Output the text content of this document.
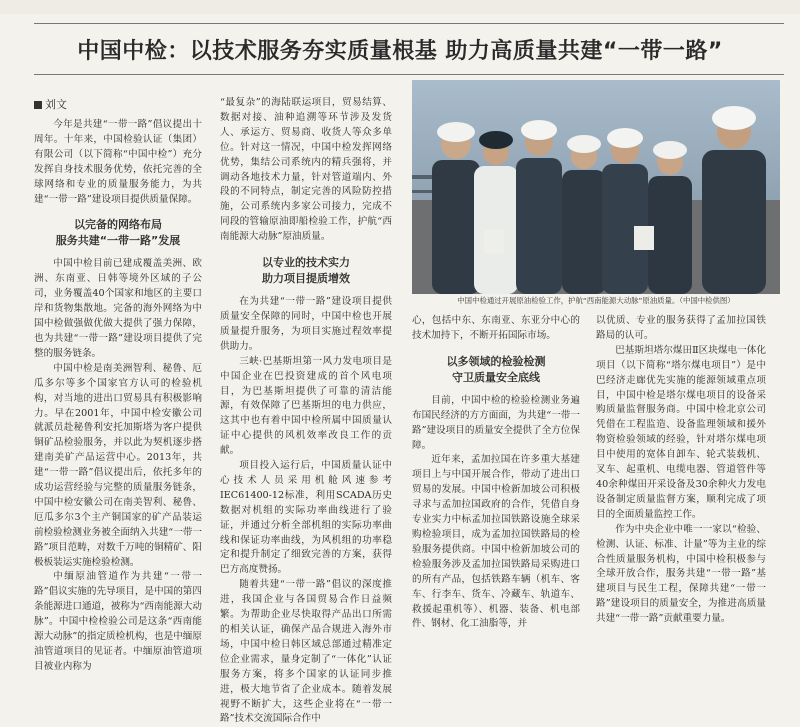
中国中检：以技术服务夯实质量根基 助力高质量共建“一带一路”
刘文

今年是共建“一带一路”倡议提出十周年。十年来，中国检验认证（集团）有限公司（以下简称“中国中检”）充分发挥自身技术服务优势，依托完善的全球网络和专业的质量服务能力，为共建“一带一路”建设项目提供质量保障。

以完备的网络布局
服务共建“一带一路”发展

中国中检目前已建成覆盖美洲、欧洲、东南亚、日韩等境外区域的子公司，业务覆盖40个国家和地区的主要口岸和货物集散地。完备的海外网络为中国中检做强做优做大提供了强力保障，也为共建“一带一路”建设项目提供了完整的服务链条。

中国中检是南美洲智利、秘鲁、厄瓜多尔等多个国家官方认可的检验机构，对当地的进出口贸易具有积极影响力。早在2001年，中国中检安徽公司就派员赴秘鲁利安托加斯塔为客户提供铜矿品检验服务，并以此为契机逐步搭建南美矿产品运营中心。2013年，共建“一带一路”倡议提出后，依托多年的成功运营经验与完整的质量服务链条，中国中检安徽公司在南美智利、秘鲁、厄瓜多尔3个主产铜国家的矿产品装运前检验检测业务被全面纳入共建“一带一路”项目范畴，对数千万吨的铜精矿、阳极板装运实施检验检测。

中缅原油管道作为共建“一带一路”倡议实施的先导项目，是中国的第四条能源进口通道，被称为“西南能源大动脉”。中国中检检验公司是这条“西南能源大动脉”的指定质检机构，也是中缅原油管道项目的见证者。中缅原油管道项目被业内称为

“最复杂”的海陆联运项目，贸易结算、数据对接、油种追溯等环节涉及发货人、承运方、贸易商、收货人等众多单位。针对这一情况，中国中检发挥网络优势，集结公司系统内的精兵强将，并调动各地技术力量，针对管道端内、外段的不同特点，制定完善的风险防控措施，公司系统内多家公司接力，完成不同段的管输原油即船检验工作，护航“西南能源大动脉”原油质量。

以专业的技术实力
助力项目提质增效

在为共建“一带一路”建设项目提供质量安全保障的同时，中国中检也开展质量提升服务，为项目实施过程效率提供助力。

三峡·巴基斯坦第一风力发电项目是中国企业在巴投资建成的首个风电项目，为巴基斯坦提供了可靠的清洁能源，有效保障了巴基斯坦的电力供应，这其中也有着中国中检所属中国质量认证中心提供的风机效率改良工作的贡献。

项目投入运行后，中国质量认证中心技术人员采用机舱风速参考IEC61400-12标准，利用SCADA历史数据对机组的实际功率曲线进行了验证，并通过分析全部机组的实际功率曲线和保证功率曲线，为风机组的功率稳定和提升制定了细致完善的方案，获得巴方高度赞扬。

随着共建“一带一路”倡议的深度推进，我国企业与各国贸易合作日益频繁。为帮助企业尽快取得产品出口所需的相关认证，确保产品合规进入海外市场，中国中检日韩区域总部通过精准定位企业需求，量身定制了“一体化”认证服务方案，将多个国家的认证同步推进，极大地节省了企业成本。随着发展视野不断扩大，这些企业将在“一带一路”技术交流国际合作中

中国中检通过开展原油检验工作，护航“西南能源大动脉”原油质量。（中国中检供图）

心，包括中东、东南亚、东亚分中心的技术加持下，不断开拓国际市场。

以多领域的检验检测
守卫质量安全底线

目前，中国中检的检验检测业务遍布国民经济的方方面面，为共建“一带一路”建设项目的质量安全提供了全方位保障。

近年来，孟加拉国在许多重大基建项目上与中国开展合作，带动了进出口贸易的发展。中国中检新加坡公司积极寻求与孟加拉国政府的合作，凭借自身专业实力中标孟加拉国铁路设施全球采购检验项目，成为孟加拉国铁路局的检验服务提供商。中国中检新加坡公司的检验服务涉及孟加拉国铁路局采购进口的所有产品，包括铁路车辆（机车、客车、行李车、货车、冷藏车、轨道车、救援起重机等）、机器、装备、机电部件、钢材、化工油脂等，并

以优质、专业的服务获得了孟加拉国铁路局的认可。

巴基斯坦塔尔煤田Ⅱ区块煤电一体化项目（以下简称“塔尔煤电项目”）是中巴经济走廊优先实施的能源领域重点项目，中国中检是塔尔煤电项目的设备采购质量监督服务商。中国中检北京公司凭借在工程监造、设备监理领域和援外物资检验领域的经验，针对塔尔煤电项目中使用的宽体自卸车、轮式装载机、叉车、起重机、电缆电器、管道管件等40余种煤田开采设备及30余种火力发电设备制定质量监督方案，顺利完成了项目的全面质量监控工作。

作为中央企业中唯一一家以“检验、检测、认证、标准、计量”等为主业的综合性质量服务机构，中国中检积极参与全球开放合作，服务共建“一带一路”基建项目与民生工程，保障共建“一带一路”建设项目的质量安全，为推进高质量共建“一带一路”贡献重要力量。
